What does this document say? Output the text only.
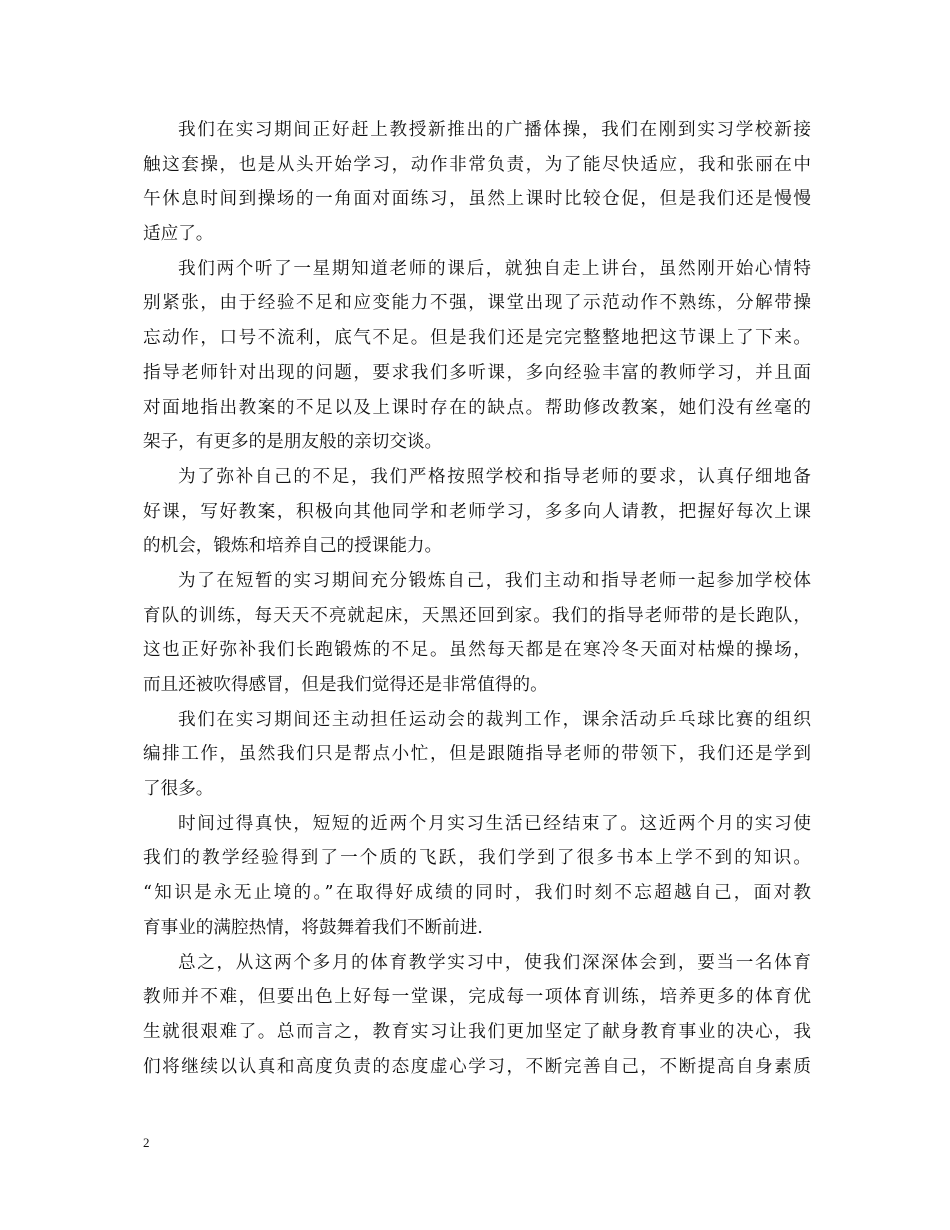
我们在实习期间正好赶上教授新推出的广播体操，我们在刚到实习学校新接
触这套操，也是从头开始学习，动作非常负责，为了能尽快适应，我和张丽在中
午休息时间到操场的一角面对面练习，虽然上课时比较仓促，但是我们还是慢慢
适应了。
我们两个听了一星期知道老师的课后，就独自走上讲台，虽然刚开始心情特
别紧张，由于经验不足和应变能力不强，课堂出现了示范动作不熟练，分解带操
忘动作，口号不流利，底气不足。但是我们还是完完整整地把这节课上了下来。
指导老师针对出现的问题，要求我们多听课，多向经验丰富的教师学习，并且面
对面地指出教案的不足以及上课时存在的缺点。帮助修改教案，她们没有丝毫的
架子，有更多的是朋友般的亲切交谈。
为了弥补自己的不足，我们严格按照学校和指导老师的要求，认真仔细地备
好课，写好教案，积极向其他同学和老师学习，多多向人请教，把握好每次上课
的机会，锻炼和培养自己的授课能力。
为了在短暂的实习期间充分锻炼自己，我们主动和指导老师一起参加学校体
育队的训练，每天天不亮就起床，天黑还回到家。我们的指导老师带的是长跑队，
这也正好弥补我们长跑锻炼的不足。虽然每天都是在寒冷冬天面对枯燥的操场，
而且还被吹得感冒，但是我们觉得还是非常值得的。
我们在实习期间还主动担任运动会的裁判工作，课余活动乒乓球比赛的组织
编排工作，虽然我们只是帮点小忙，但是跟随指导老师的带领下，我们还是学到
了很多。
时间过得真快，短短的近两个月实习生活已经结束了。这近两个月的实习使
我们的教学经验得到了一个质的飞跃，我们学到了很多书本上学不到的知识。
“知识是永无止境的。”在取得好成绩的同时，我们时刻不忘超越自己，面对教
育事业的满腔热情，将鼓舞着我们不断前进.
总之，从这两个多月的体育教学实习中，使我们深深体会到，要当一名体育
教师并不难，但要出色上好每一堂课，完成每一项体育训练，培养更多的体育优
生就很艰难了。总而言之，教育实习让我们更加坚定了献身教育事业的决心，我
们将继续以认真和高度负责的态度虚心学习，不断完善自己，不断提高自身素质
2
